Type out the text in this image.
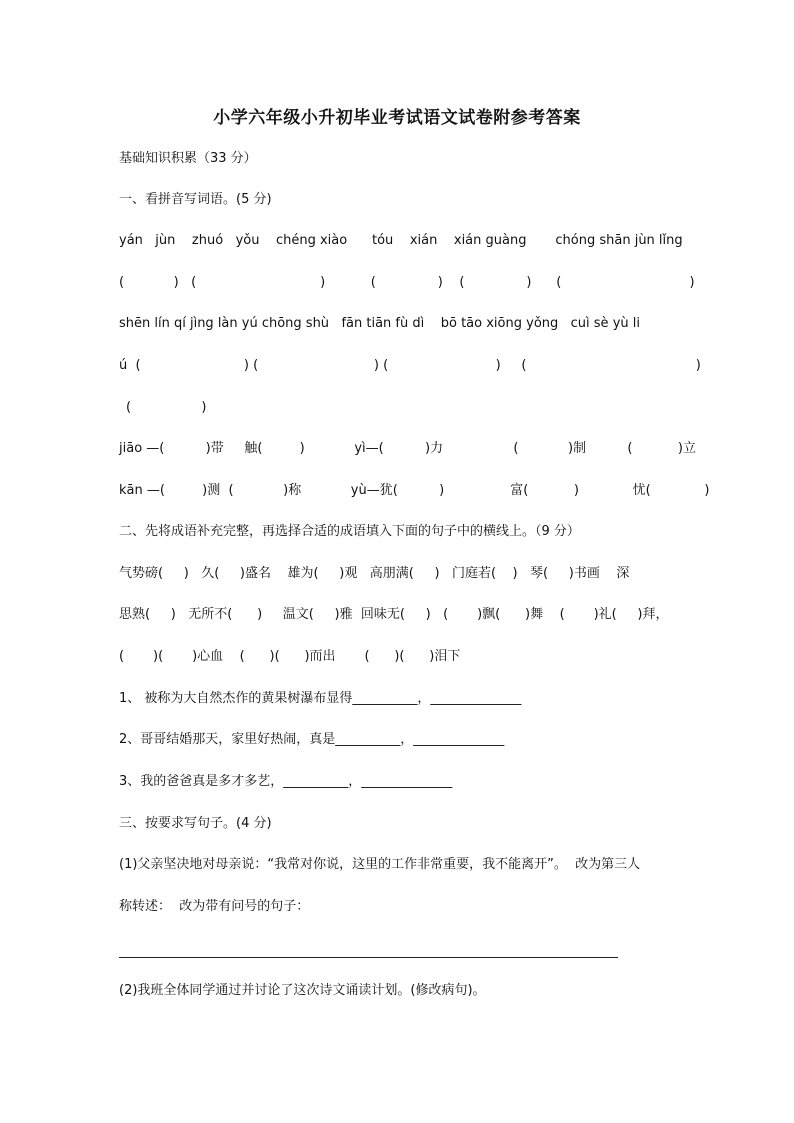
小学六年级小升初毕业考试语文试卷附参考答案
基础知识积累（33 分）
一、看拼音写词语。(5 分)
yán   jùn    zhuó   yǒu    chéng xiào      tóu    xián    xián guàng       chóng shān jùn lǐng
(            )   (                              )           (               )    (               )      (                               )
shēn lín qí jìng làn yú chōng shù   fān tiān fù dì    bō tāo xiōng yǒng   cuì sè yù li
ú  (                         ) (                            ) (                          )     (                                         )
(                 )
jiāo —(          )带     触(         )            yì—(          )力                 (            )制          (           )立
kān —(         )测  (            )称            yù—犹(          )                富(           )             忧(             )
二、先将成语补充完整，再选择合适的成语填入下面的句子中的横线上。（9 分）
气势磅(     )   久(     )盛名    雄为(     )观   高朋满(     )   门庭若(    )   琴(     )书画    深
思熟(     )   无所不(      )     温文(     )雅  回味无(     )   (       )飘(      )舞    (       )礼(     )拜，
(       )(       )心血    (      )(      )而出       (      )(      )泪下
1、 被称为大自然杰作的黄果树瀑布显得__________，______________
2、哥哥结婚那天，家里好热闹，真是__________，______________
3、我的爸爸真是多才多艺，__________，______________
三、按要求写句子。(4 分)
(1)父亲坚决地对母亲说：“我常对你说，这里的工作非常重要，我不能离开”。  改为第三人
称转述：  改为带有问号的句子：
(2)我班全体同学通过并讨论了这次诗文诵读计划。(修改病句)。
